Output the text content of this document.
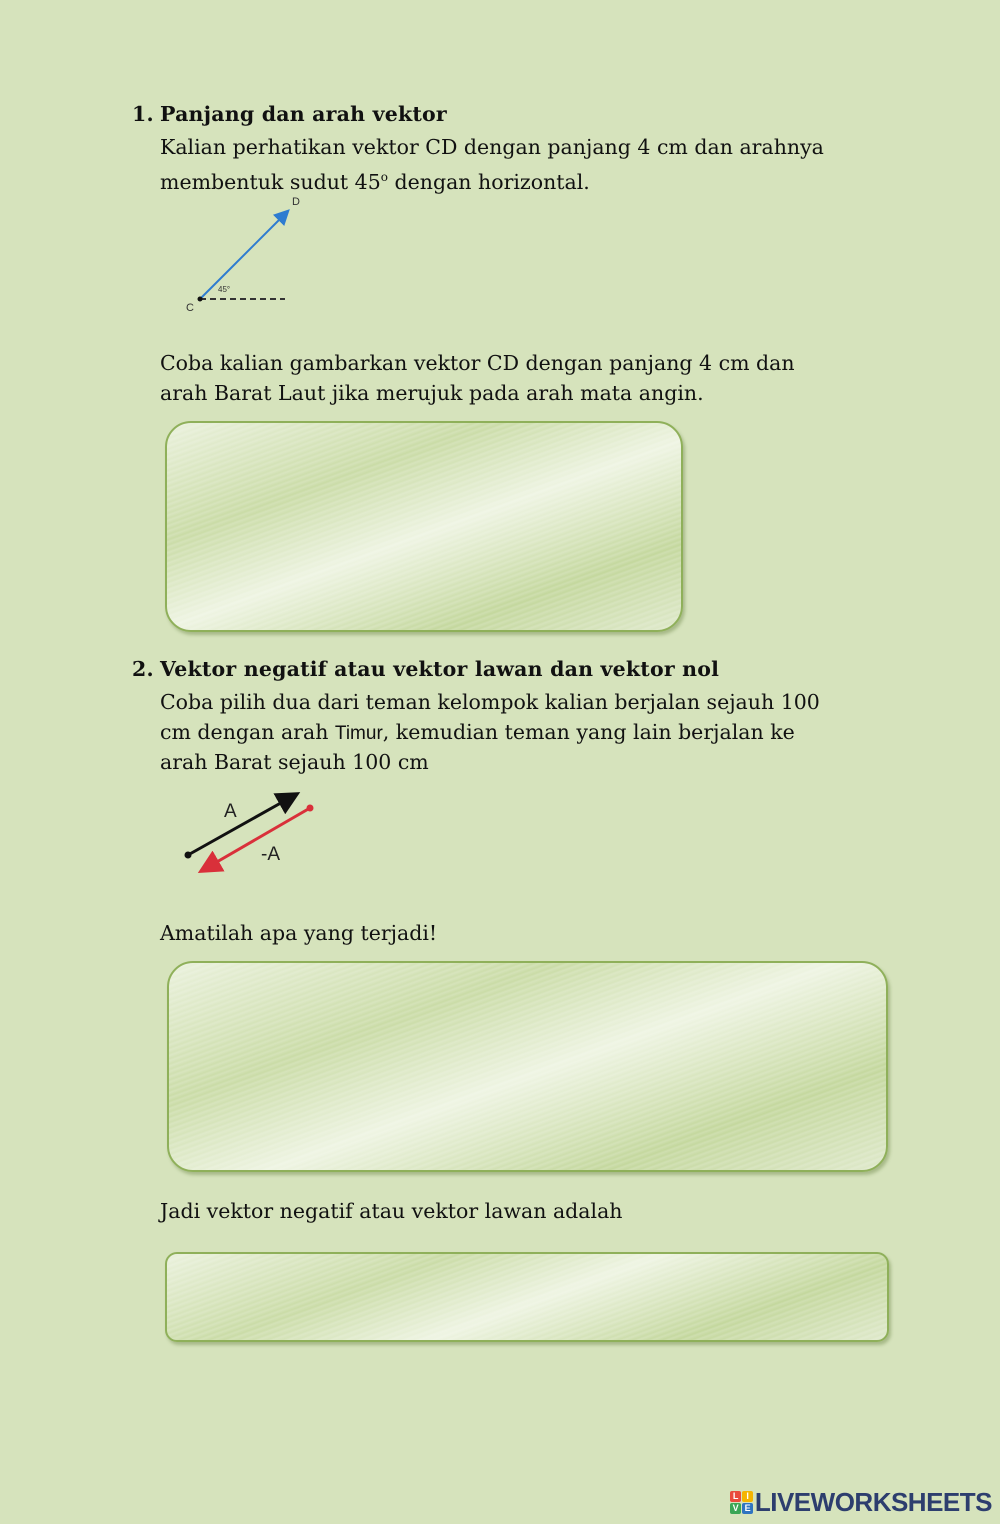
1. Panjang dan arah vektor

Kalian perhatikan vektor CD dengan panjang 4 cm dan arahnya

membentuk sudut 45$^o$ dengan horizontal.

C
D
45°

Coba kalian gambarkan vektor CD dengan panjang 4 cm dan

arah Barat Laut jika merujuk pada arah mata angin.

2. Vektor negatif atau vektor lawan dan vektor nol

Coba pilih dua dari teman kelompok kalian berjalan sejauh 100

cm dengan arah Timur, kemudian teman yang lain berjalan ke

arah Barat sejauh 100 cm

A
-A

Amatilah apa yang terjadi!

Jadi vektor negatif atau vektor lawan adalah

L I
V E LIVEWORKSHEETS
